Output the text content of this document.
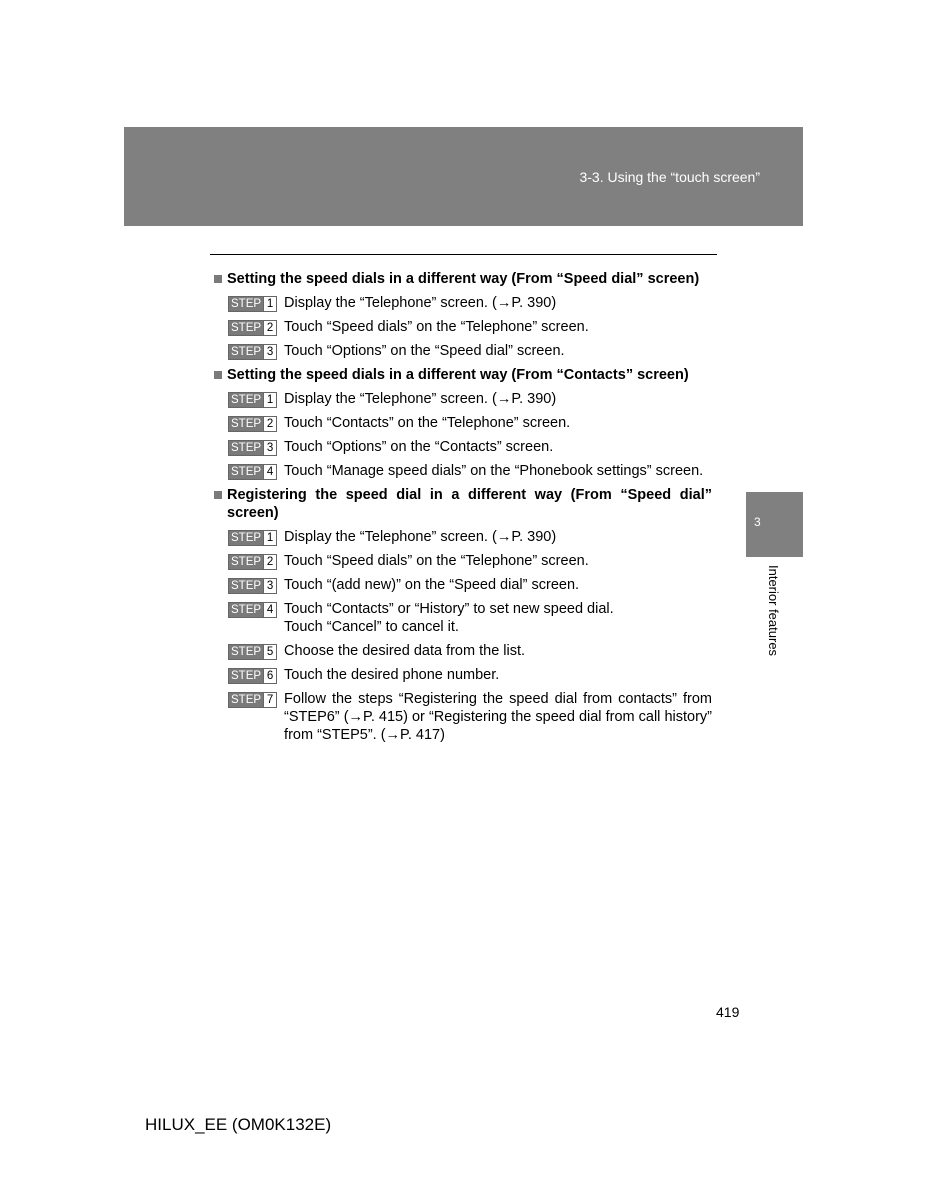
3-3. Using the “touch screen”
Setting the speed dials in a different way (From “Speed dial” screen)
STEP 1 Display the “Telephone” screen. (→P. 390)
STEP 2 Touch “Speed dials” on the “Telephone” screen.
STEP 3 Touch “Options” on the “Speed dial” screen.
Setting the speed dials in a different way (From “Contacts” screen)
STEP 1 Display the “Telephone” screen. (→P. 390)
STEP 2 Touch “Contacts” on the “Telephone” screen.
STEP 3 Touch “Options” on the “Contacts” screen.
STEP 4 Touch “Manage speed dials” on the “Phonebook settings” screen.
Registering the speed dial in a different way (From “Speed dial” screen)
STEP 1 Display the “Telephone” screen. (→P. 390)
STEP 2 Touch “Speed dials” on the “Telephone” screen.
STEP 3 Touch “(add new)” on the “Speed dial” screen.
STEP 4 Touch “Contacts” or “History” to set new speed dial.
Touch “Cancel” to cancel it.
STEP 5 Choose the desired data from the list.
STEP 6 Touch the desired phone number.
STEP 7 Follow the steps “Registering the speed dial from contacts” from “STEP6” (→P. 415) or “Registering the speed dial from call history” from “STEP5”. (→P. 417)
3
Interior features
419
HILUX_EE (OM0K132E)
